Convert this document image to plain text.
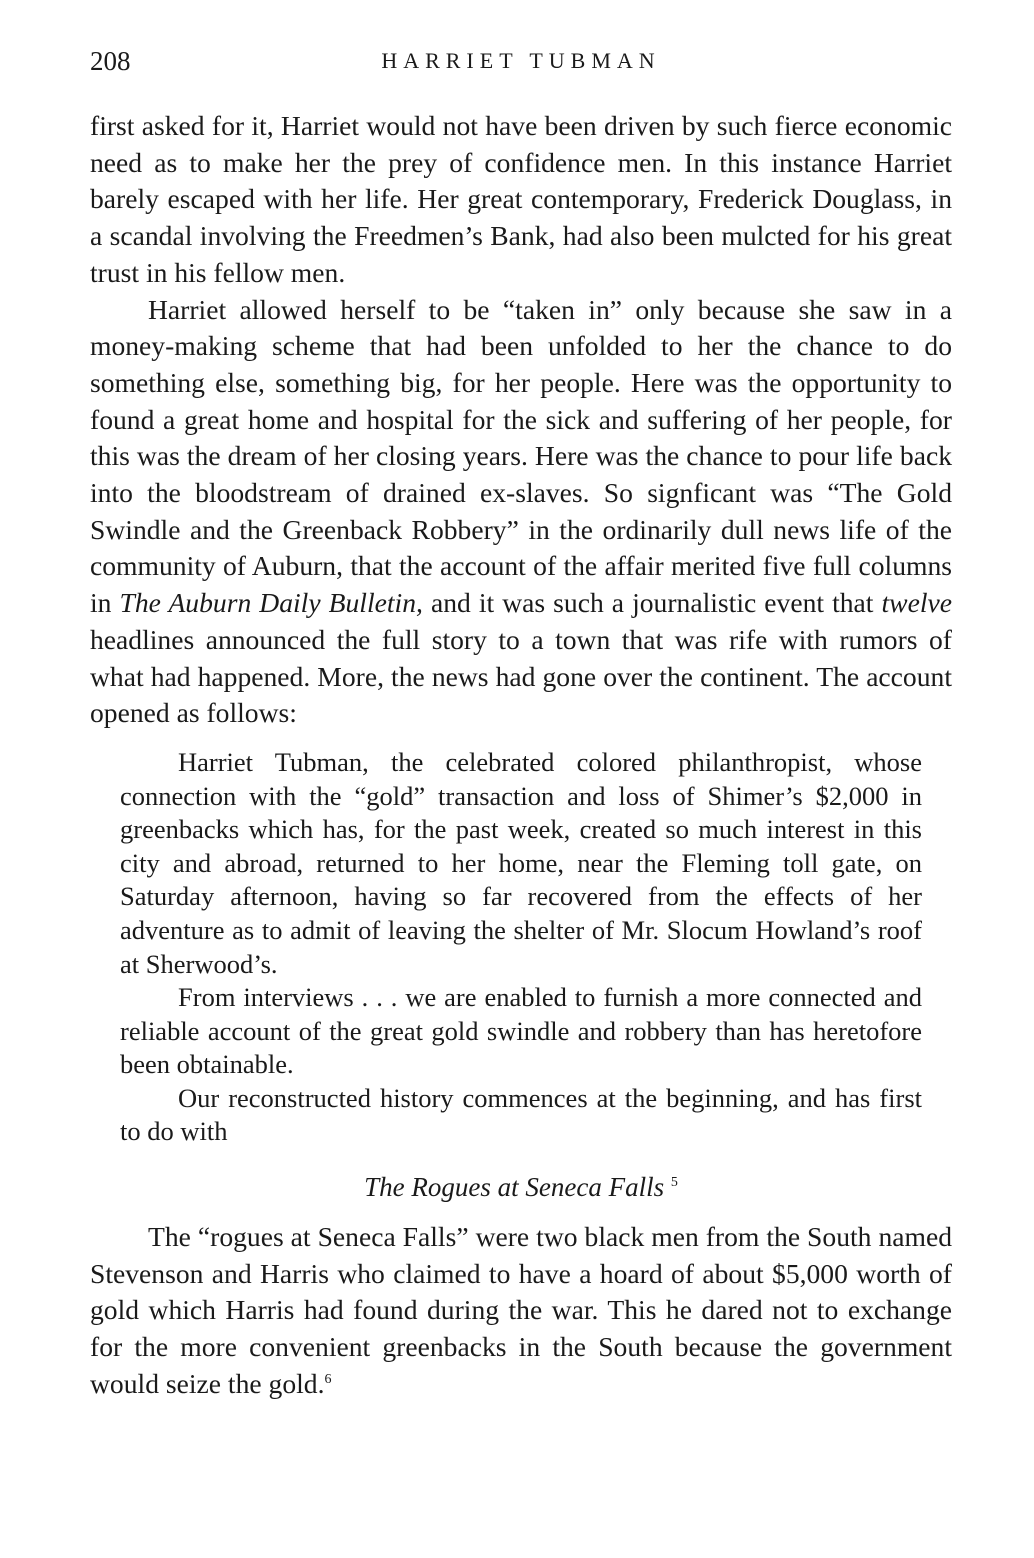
208	HARRIET TUBMAN

first asked for it, Harriet would not have been driven by such fierce economic need as to make her the prey of confidence men. In this instance Harriet barely escaped with her life. Her great contemporary, Frederick Douglass, in a scandal involving the Freedmen’s Bank, had also been mulcted for his great trust in his fellow men.

Harriet allowed herself to be “taken in” only because she saw in a money-making scheme that had been unfolded to her the chance to do something else, something big, for her people. Here was the opportunity to found a great home and hospital for the sick and suffering of her people, for this was the dream of her closing years. Here was the chance to pour life back into the bloodstream of drained ex-slaves. So signficant was “The Gold Swindle and the Greenback Robbery” in the ordinarily dull news life of the community of Auburn, that the account of the affair merited five full columns in The Auburn Daily Bulletin, and it was such a journalistic event that twelve headlines announced the full story to a town that was rife with rumors of what had happened. More, the news had gone over the continent. The account opened as follows:

Harriet Tubman, the celebrated colored philanthropist, whose connection with the “gold” transaction and loss of Shimer’s $2,000 in greenbacks which has, for the past week, created so much interest in this city and abroad, returned to her home, near the Fleming toll gate, on Saturday afternoon, having so far recovered from the effects of her adventure as to admit of leaving the shelter of Mr. Slocum Howland’s roof at Sherwood’s.

From interviews . . . we are enabled to furnish a more connected and reliable account of the great gold swindle and robbery than has heretofore been obtainable.

Our reconstructed history commences at the beginning, and has first to do with

The Rogues at Seneca Falls $^5$

The “rogues at Seneca Falls” were two black men from the South named Stevenson and Harris who claimed to have a hoard of about $5,000 worth of gold which Harris had found during the war. This he dared not to exchange for the more convenient greenbacks in the South because the government would seize the gold.$^6$
